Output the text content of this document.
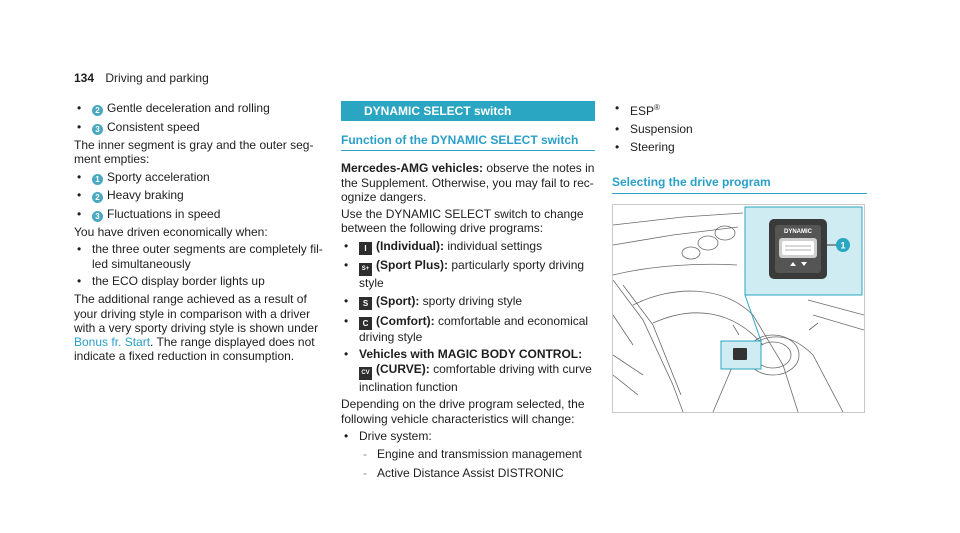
134 Driving and parking
• 2 Gentle deceleration and rolling
• 3 Consistent speed

The inner segment is gray and the outer segment empties:

• 1 Sporty acceleration
• 2 Heavy braking
• 3 Fluctuations in speed

You have driven economically when:

• the three outer segments are completely filled simultaneously
• the ECO display border lights up

The additional range achieved as a result of your driving style in comparison with a driver with a very sporty driving style is shown under Bonus fr. Start. The range displayed does not indicate a fixed reduction in consumption.

DYNAMIC SELECT switch
Function of the DYNAMIC SELECT switch

Mercedes-AMG vehicles: observe the notes in the Supplement. Otherwise, you may fail to recognize dangers.

Use the DYNAMIC SELECT switch to change between the following drive programs:

• I (Individual): individual settings
• S+ (Sport Plus): particularly sporty driving style
• S (Sport): sporty driving style
• C (Comfort): comfortable and economical driving style
• Vehicles with MAGIC BODY CONTROL:
CV (CURVE): comfortable driving with curve inclination function

Depending on the drive program selected, the following vehicle characteristics will change:

• Drive system:
- Engine and transmission management
- Active Distance Assist DISTRONIC
• ESP®
• Suspension
• Steering
Selecting the drive program
DYNAMIC
1
